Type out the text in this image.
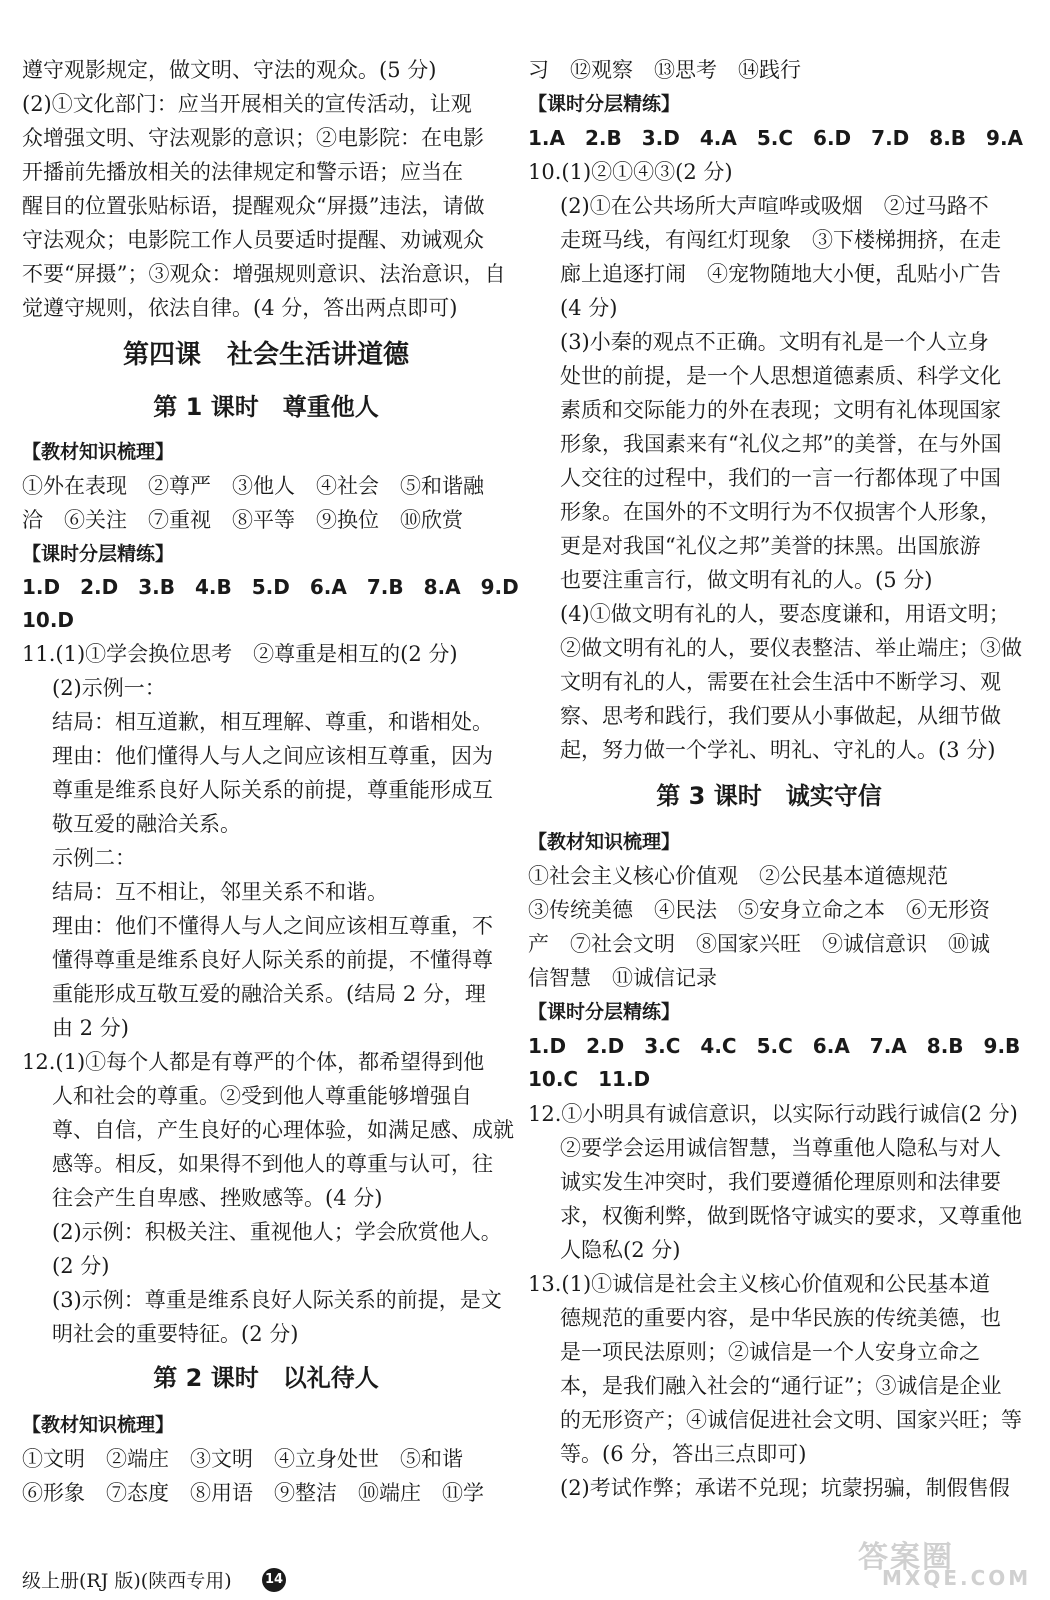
遵守观影规定，做文明、守法的观众。(5 分)
(2)①文化部门：应当开展相关的宣传活动，让观
众增强文明、守法观影的意识；②电影院：在电影
开播前先播放相关的法律规定和警示语；应当在
醒目的位置张贴标语，提醒观众“屏摄”违法，请做
守法观众；电影院工作人员要适时提醒、劝诫观众
不要“屏摄”；③观众：增强规则意识、法治意识，自
觉遵守规则，依法自律。(4 分，答出两点即可)
第四课　社会生活讲道德
第 1 课时　尊重他人
【教材知识梳理】
①外在表现　②尊严　③他人　④社会　⑤和谐融
洽　⑥关注　⑦重视　⑧平等　⑨换位　⑩欣赏
【课时分层精练】
1.D　2.D　3.B　4.B　5.D　6.A　7.B　8.A　9.D
10.D
11.(1)①学会换位思考　②尊重是相互的(2 分)
(2)示例一：
结局：相互道歉，相互理解、尊重，和谐相处。
理由：他们懂得人与人之间应该相互尊重，因为
尊重是维系良好人际关系的前提，尊重能形成互
敬互爱的融洽关系。
示例二：
结局：互不相让，邻里关系不和谐。
理由：他们不懂得人与人之间应该相互尊重，不
懂得尊重是维系良好人际关系的前提，不懂得尊
重能形成互敬互爱的融洽关系。(结局 2 分，理
由 2 分)
12.(1)①每个人都是有尊严的个体，都希望得到他
人和社会的尊重。②受到他人尊重能够增强自
尊、自信，产生良好的心理体验，如满足感、成就
感等。相反，如果得不到他人的尊重与认可，往
往会产生自卑感、挫败感等。(4 分)
(2)示例：积极关注、重视他人；学会欣赏他人。
(2 分)
(3)示例：尊重是维系良好人际关系的前提，是文
明社会的重要特征。(2 分)
第 2 课时　以礼待人
【教材知识梳理】
①文明　②端庄　③文明　④立身处世　⑤和谐
⑥形象　⑦态度　⑧用语　⑨整洁　⑩端庄　⑪学
级上册(RJ 版)(陕西专用)	14
习　⑫观察　⑬思考　⑭践行
【课时分层精练】
1.A　2.B　3.D　4.A　5.C　6.D　7.D　8.B　9.A
10.(1)②①④③(2 分)
(2)①在公共场所大声喧哗或吸烟　②过马路不
走斑马线，有闯红灯现象　③下楼梯拥挤，在走
廊上追逐打闹　④宠物随地大小便，乱贴小广告
(4 分)
(3)小秦的观点不正确。文明有礼是一个人立身
处世的前提，是一个人思想道德素质、科学文化
素质和交际能力的外在表现；文明有礼体现国家
形象，我国素来有“礼仪之邦”的美誉，在与外国
人交往的过程中，我们的一言一行都体现了中国
形象。在国外的不文明行为不仅损害个人形象，
更是对我国“礼仪之邦”美誉的抹黑。出国旅游
也要注重言行，做文明有礼的人。(5 分)
(4)①做文明有礼的人，要态度谦和，用语文明；
②做文明有礼的人，要仪表整洁、举止端庄；③做
文明有礼的人，需要在社会生活中不断学习、观
察、思考和践行，我们要从小事做起，从细节做
起，努力做一个学礼、明礼、守礼的人。(3 分)
第 3 课时　诚实守信
【教材知识梳理】
①社会主义核心价值观　②公民基本道德规范
③传统美德　④民法　⑤安身立命之本　⑥无形资
产　⑦社会文明　⑧国家兴旺　⑨诚信意识　⑩诚
信智慧　⑪诚信记录
【课时分层精练】
1.D　2.D　3.C　4.C　5.C　6.A　7.A　8.B　9.B
10.C　11.D
12.①小明具有诚信意识，以实际行动践行诚信(2 分)
②要学会运用诚信智慧，当尊重他人隐私与对人
诚实发生冲突时，我们要遵循伦理原则和法律要
求，权衡利弊，做到既恪守诚实的要求，又尊重他
人隐私(2 分)
13.(1)①诚信是社会主义核心价值观和公民基本道
德规范的重要内容，是中华民族的传统美德，也
是一项民法原则；②诚信是一个人安身立命之
本，是我们融入社会的“通行证”；③诚信是企业
的无形资产；④诚信促进社会文明、国家兴旺；等
等。(6 分，答出三点即可)
(2)考试作弊；承诺不兑现；坑蒙拐骗，制假售假
答案圈
MXQE.COM
